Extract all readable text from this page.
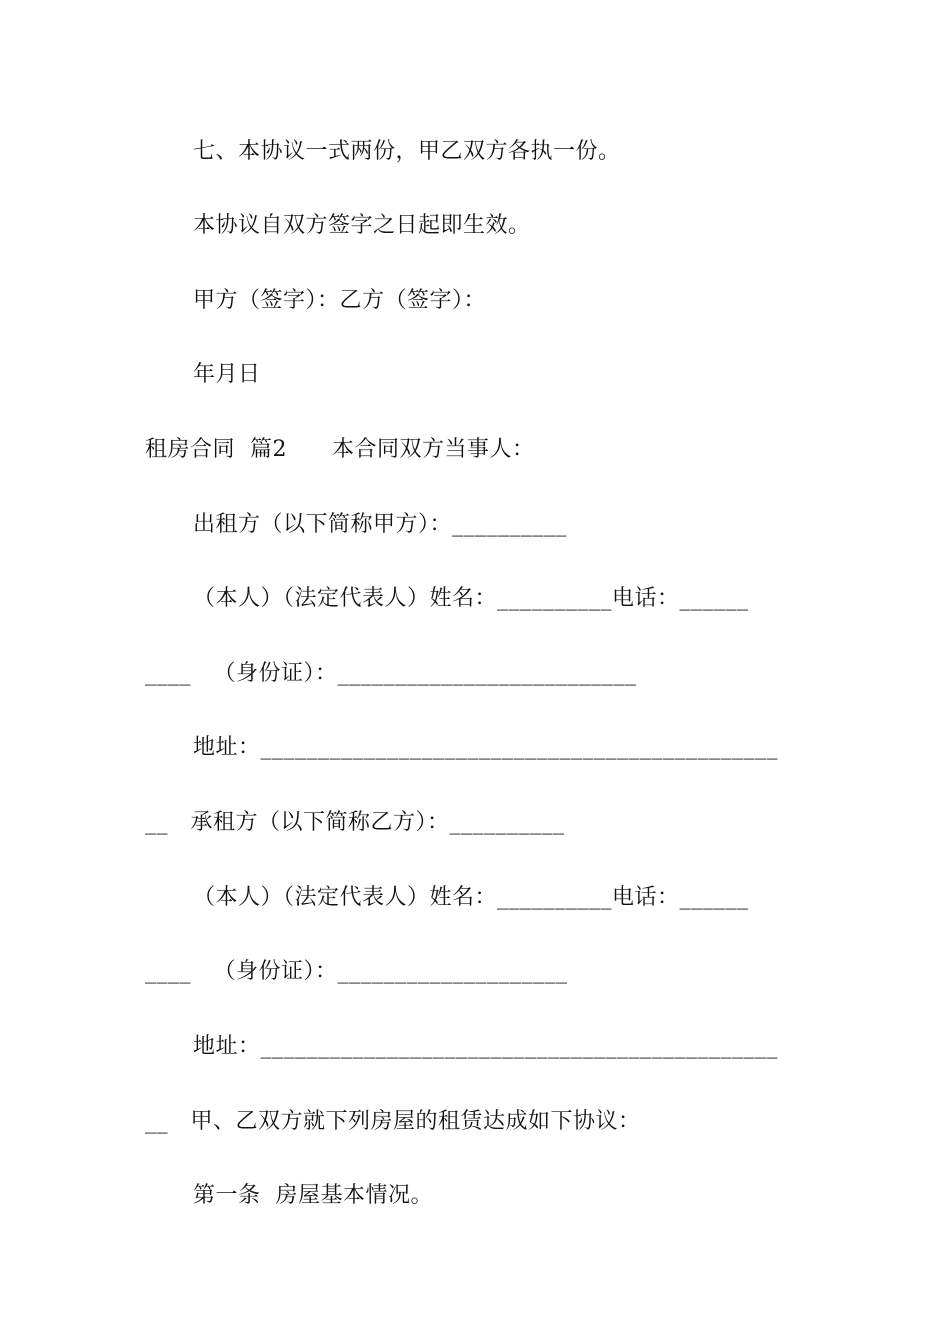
七、本协议一式两份，甲乙双方各执一份。
本协议自双方签字之日起即生效。
甲方（签字）：乙方（签字）：
年月日
租房合同  篇2      本合同双方当事人：
出租方（以下简称甲方）：__________
（本人）（法定代表人）姓名：__________电话：______
____   （身份证）：__________________________
地址：_____________________________________________
__   承租方（以下简称乙方）：__________
（本人）（法定代表人）姓名：__________电话：______
____   （身份证）：____________________
地址：_____________________________________________
__   甲、乙双方就下列房屋的租赁达成如下协议：
第一条  房屋基本情况。
